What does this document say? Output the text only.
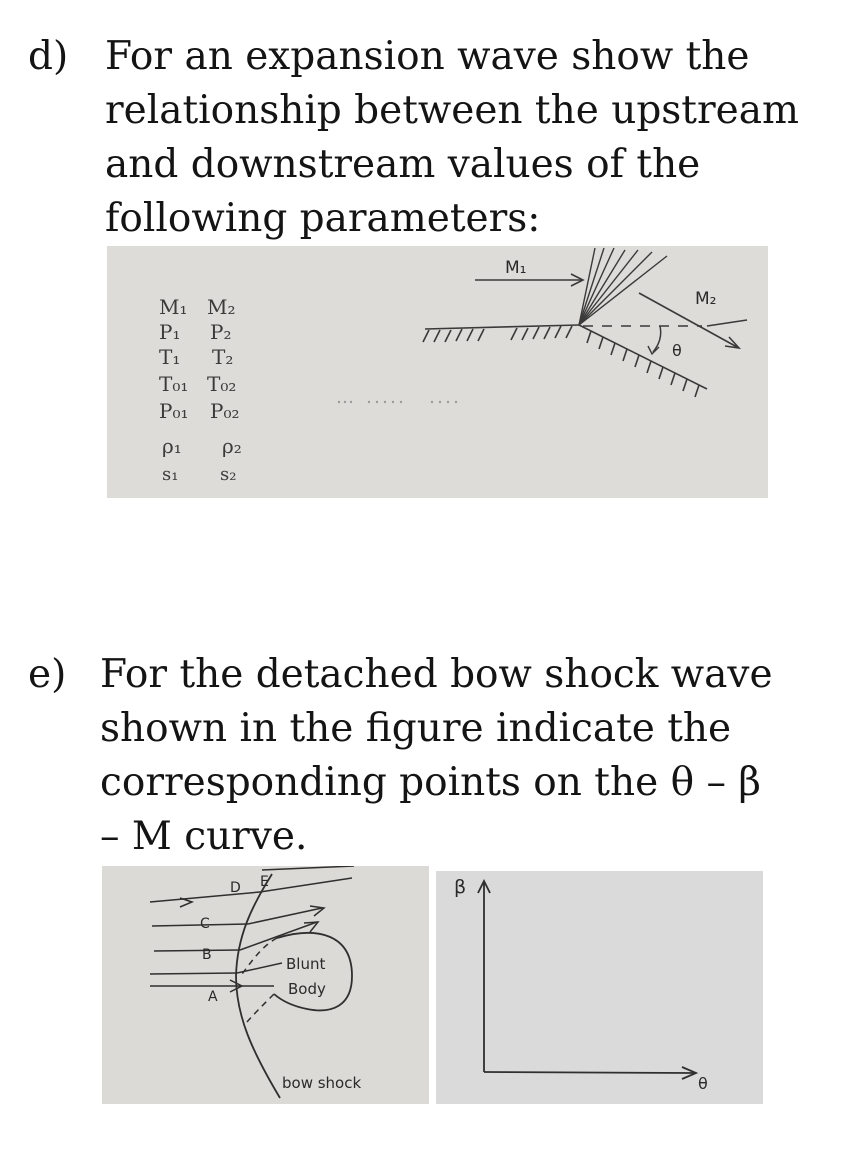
d) For an expansion wave show the
relationship between the upstream
and downstream values of the
following parameters:
M₁ M₂
P₁ P₂
T₁ T₂
T₀₁ T₀₂
P₀₁ P₀₂
ρ₁ ρ₂
s₁ s₂
M₁
M₂
θ
e) For the detached bow shock wave
shown in the figure indicate the
corresponding points on the θ – β
– M curve.
D E
C
B
A
Blunt
Body
bow shock
β
θ
